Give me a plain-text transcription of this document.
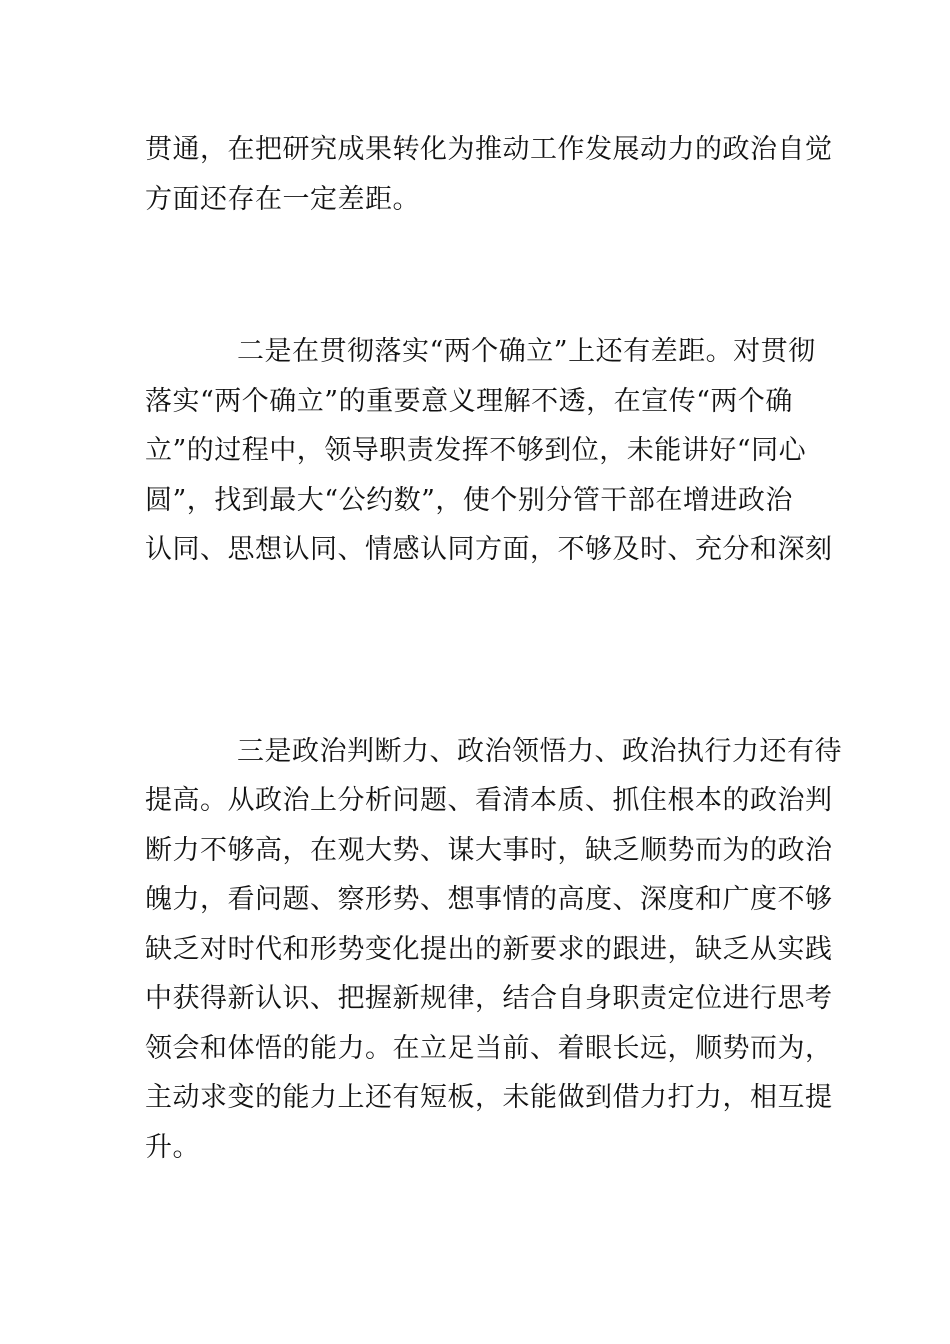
贯通，在把研究成果转化为推动工作发展动力的政治自觉
方面还存在一定差距。
二是在贯彻落实“两个确立”上还有差距。对贯彻
落实“两个确立”的重要意义理解不透，在宣传“两个确
立”的过程中，领导职责发挥不够到位，未能讲好“同心
圆”，找到最大“公约数”，使个别分管干部在增进政治
认同、思想认同、情感认同方面，不够及时、充分和深刻
三是政治判断力、政治领悟力、政治执行力还有待
提高。从政治上分析问题、看清本质、抓住根本的政治判
断力不够高，在观大势、谋大事时，缺乏顺势而为的政治
魄力，看问题、察形势、想事情的高度、深度和广度不够
缺乏对时代和形势变化提出的新要求的跟进，缺乏从实践
中获得新认识、把握新规律，结合自身职责定位进行思考
领会和体悟的能力。在立足当前、着眼长远，顺势而为，
主动求变的能力上还有短板，未能做到借力打力，相互提
升。
